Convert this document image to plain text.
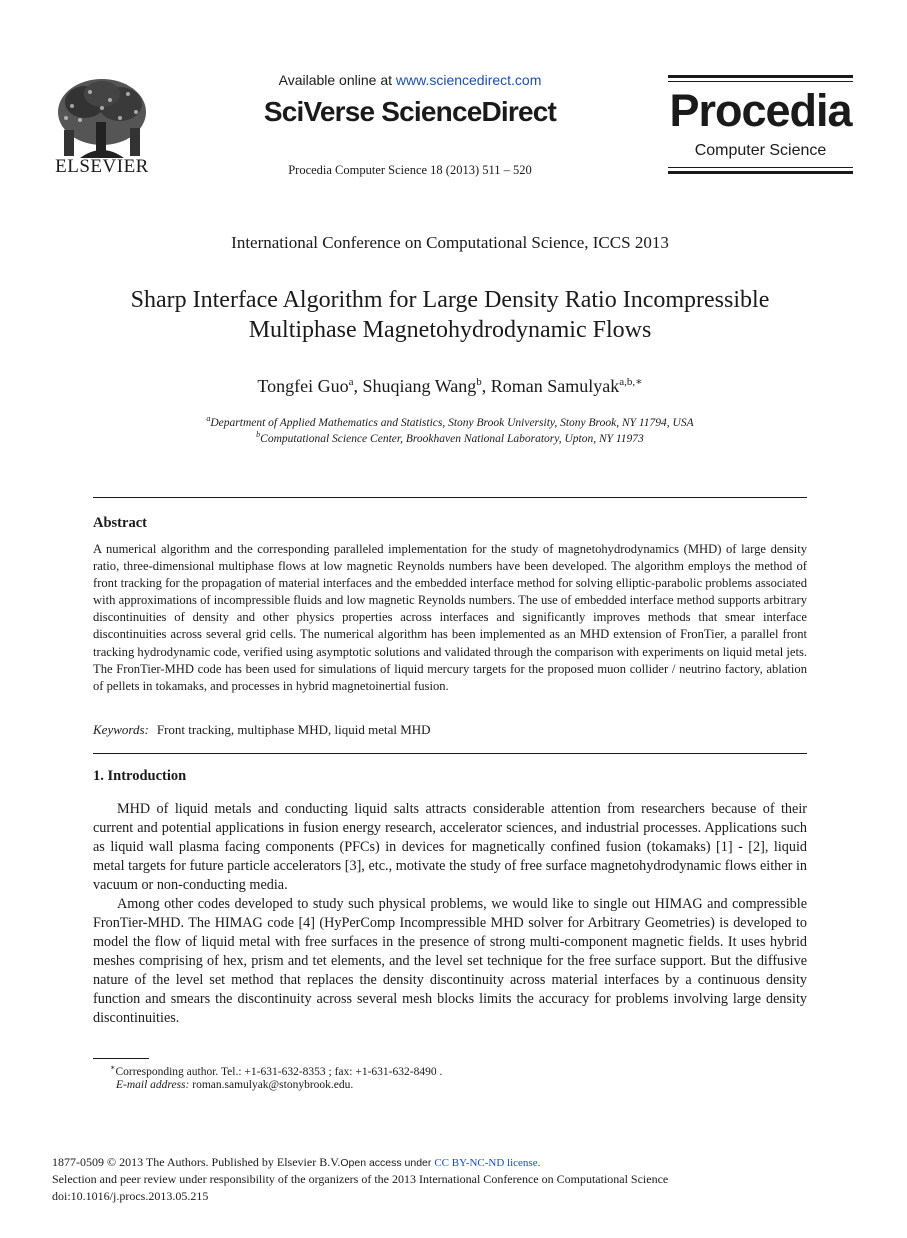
ELSEVIER
Available online at www.sciencedirect.com
SciVerse ScienceDirect
Procedia Computer Science 18 (2013) 511 – 520
Procedia
Computer Science
International Conference on Computational Science, ICCS 2013
Sharp Interface Algorithm for Large Density Ratio Incompressible
Multiphase Magnetohydrodynamic Flows
Tongfei Guo$^a$, Shuqiang Wang$^b$, Roman Samulyak$^{a,b,∗}$
$^a$Department of Applied Mathematics and Statistics, Stony Brook University, Stony Brook, NY 11794, USA
$^b$Computational Science Center, Brookhaven National Laboratory, Upton, NY 11973
Abstract
A numerical algorithm and the corresponding paralleled implementation for the study of magnetohydrodynamics (MHD) of large density ratio, three-dimensional multiphase flows at low magnetic Reynolds numbers have been developed. The algorithm employs the method of front tracking for the propagation of material interfaces and the embedded interface method for solving elliptic-parabolic problems associated with approximations of incompressible fluids and low magnetic Reynolds numbers. The use of embedded interface method supports arbitrary discontinuities of density and other physics properties across interfaces and significantly improves methods that smear interface discontinuities across several grid cells. The numerical algorithm has been implemented as an MHD extension of FronTier, a parallel front tracking hydrodynamic code, verified using asymptotic solutions and validated through the comparison with experiments on liquid metal jets. The FronTier-MHD code has been used for simulations of liquid mercury targets for the proposed muon collider / neutrino factory, ablation of pellets in tokamaks, and processes in hybrid magnetoinertial fusion.
Keywords: Front tracking, multiphase MHD, liquid metal MHD
1. Introduction
MHD of liquid metals and conducting liquid salts attracts considerable attention from researchers because of their current and potential applications in fusion energy research, accelerator sciences, and industrial processes. Applications such as liquid wall plasma facing components (PFCs) in devices for magnetically confined fusion (tokamaks) [1] - [2], liquid metal targets for future particle accelerators [3], etc., motivate the study of free surface magnetohydrodynamic flows either in vacuum or non-conducting media.
Among other codes developed to study such physical problems, we would like to single out HIMAG and compressible FronTier-MHD. The HIMAG code [4] (HyPerComp Incompressible MHD solver for Arbitrary Geometries) is developed to model the flow of liquid metal with free surfaces in the presence of strong multi-component magnetic fields. It uses hybrid meshes comprising of hex, prism and tet elements, and the level set technique for the free surface support. But the diffusive nature of the level set method that replaces the density discontinuity across material interfaces by a continuous density function and smears the discontinuity across several mesh blocks limits the accuracy for problems involving large density discontinuities.
∗Corresponding author. Tel.: +1-631-632-8353 ; fax: +1-631-632-8490 .
E-mail address: roman.samulyak@stonybrook.edu.
1877-0509 © 2013 The Authors. Published by Elsevier B.V.Open access under CC BY-NC-ND license.
Selection and peer review under responsibility of the organizers of the 2013 International Conference on Computational Science
doi:10.1016/j.procs.2013.05.215
